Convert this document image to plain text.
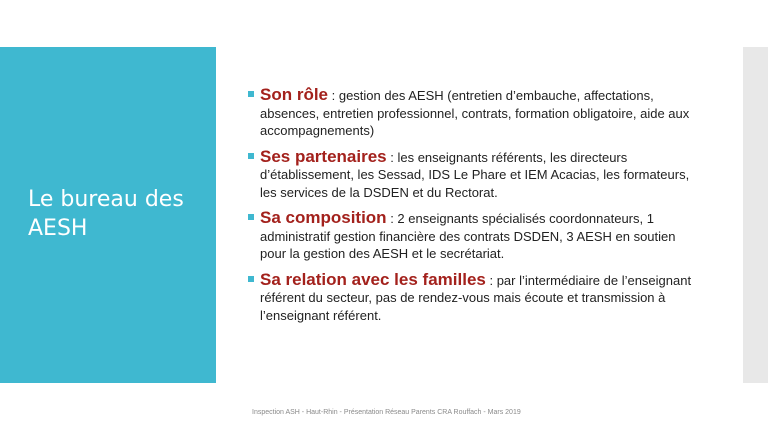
Le bureau des AESH
Son rôle : gestion des AESH (entretien d’embauche, affectations, absences, entretien professionnel, contrats, formation obligatoire, aide aux accompagnements)
Ses partenaires : les enseignants référents, les directeurs d’établissement, les Sessad, IDS Le Phare et IEM Acacias, les formateurs, les services de la DSDEN et du Rectorat.
Sa composition : 2 enseignants spécialisés coordonnateurs, 1 administratif gestion financière des contrats DSDEN, 3 AESH en soutien pour la gestion des AESH et le secrétariat.
Sa relation avec les familles : par l’intermédiaire de l’enseignant référent du secteur, pas de rendez-vous mais écoute et transmission à l’enseignant référent.
Inspection ASH - Haut-Rhin - Présentation Réseau Parents CRA Rouffach - Mars 2019
